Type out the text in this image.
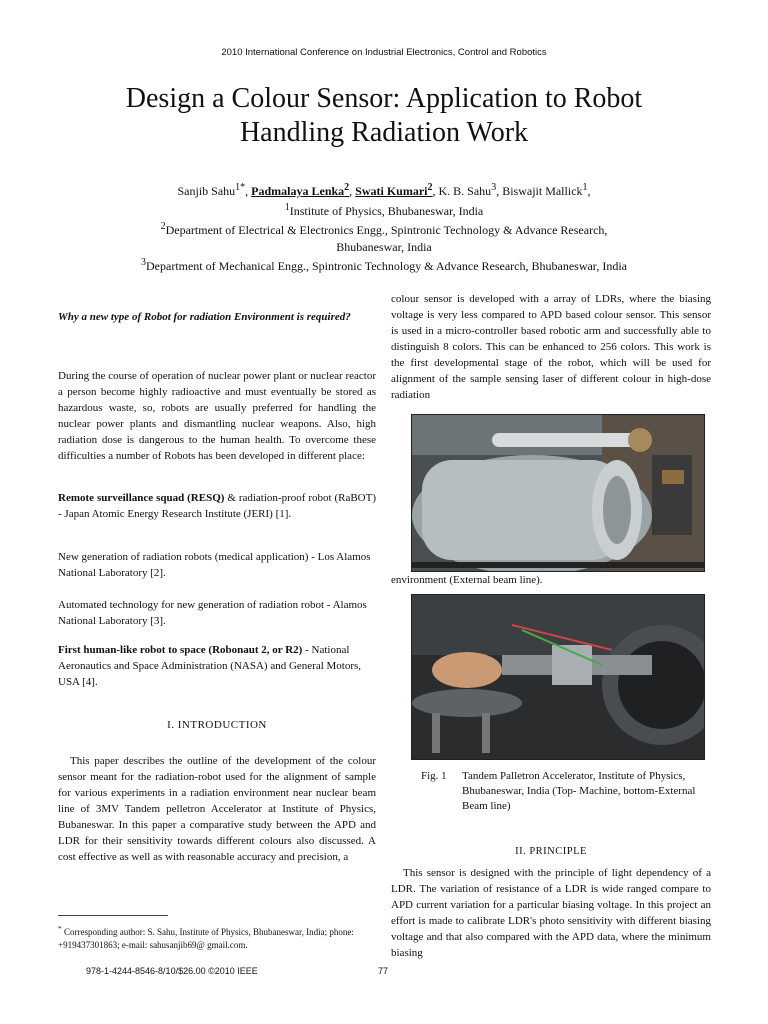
2010 International Conference on Industrial Electronics, Control and Robotics
Design a Colour Sensor: Application to Robot
Handling Radiation Work
Sanjib Sahu$^{1*}$, Padmalaya Lenka$^2$, Swati Kumari$^2$, K. B. Sahu$^3$, Biswajit Mallick$^1$,
$^1$Institute of Physics, Bhubaneswar, India
$^2$Department of Electrical & Electronics Engg., Spintronic Technology & Advance Research,
Bhubaneswar, India
$^3$Department of Mechanical Engg., Spintronic Technology & Advance Research, Bhubaneswar, India

Why a new type of Robot for radiation Environment is required?

During the course of operation of nuclear power plant or nuclear reactor a person become highly radioactive and must eventually be stored as hazardous waste, so, robots are usually preferred for handling the nuclear power plants and dismantling nuclear weapons. Also, high radiation dose is dangerous to the human health. To overcome these difficulties a number of Robots has been developed in different place:

Remote surveillance squad (RESQ) & radiation-proof robot (RaBOT) - Japan Atomic Energy Research Institute (JERI) [1].

New generation of radiation robots (medical application) - Los Alamos National Laboratory [2].

Automated technology for new generation of radiation robot - Alamos National Laboratory [3].

First human-like robot to space (Robonaut 2, or R2) - National Aeronautics and Space Administration (NASA) and General Motors, USA [4].

I. INTRODUCTION

This paper describes the outline of the development of the colour sensor meant for the radiation-robot used for the alignment of sample for various experiments in a radiation environment near nuclear beam line of 3MV Tandem pelletron Accelerator at Institute of Physics, Bubaneswar. In this paper a comparative study between the APD and LDR for their sensitivity towards different colours also discussed. A cost effective as well as with reasonable accuracy and precision, a

* Corresponding author: S. Sahu, Institute of Physics, Bhubaneswar, India; phone: +919437301863; e-mail: sahusanjib69@ gmail.com.

colour sensor is developed with a array of LDRs, where the biasing voltage is very less compared to APD based colour sensor. This sensor is used in a micro-controller based robotic arm and successfully able to distinguish 8 colors. This can be enhanced to 256 colors. This work is the first developmental stage of the robot, which will be used for alignment of the sample sensing laser of different colour in high-dose radiation

environment (External beam line).

Fig. 1	Tandem Palletron Accelerator, Institute of Physics, Bhubaneswar, India (Top- Machine, bottom-External Beam line)
II. PRINCIPLE

This sensor is designed with the principle of light dependency of a LDR. The variation of resistance of a LDR is wide ranged compare to APD current variation for a particular biasing voltage. In this project an effort is made to calibrate LDR's photo sensitivity with different biasing voltage and that also compared with the APD data, where the minimum biasing

978-1-4244-8546-8/10/$26.00 ©2010 IEEE	77
